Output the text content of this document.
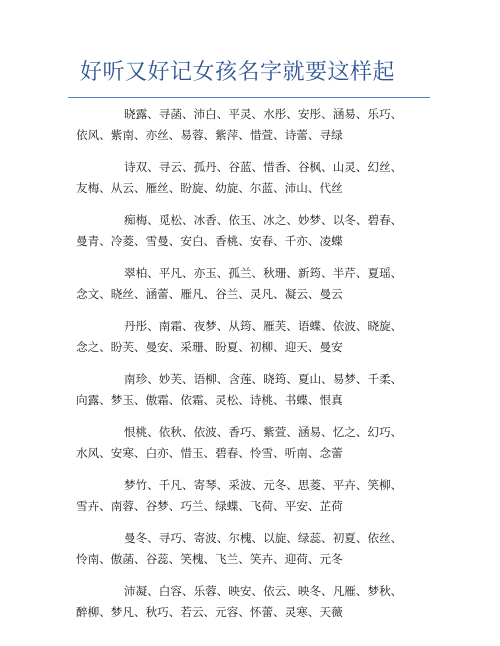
好听又好记女孩名字就要这样起

晓露、寻菡、沛白、平灵、水彤、安彤、涵易、乐巧、
依风、紫南、亦丝、易蓉、紫萍、惜萱、诗蕾、寻绿

诗双、寻云、孤丹、谷蓝、惜香、谷枫、山灵、幻丝、
友梅、从云、雁丝、盼旋、幼旋、尔蓝、沛山、代丝

痴梅、觅松、冰香、依玉、冰之、妙梦、以冬、碧春、
曼青、冷菱、雪曼、安白、香桃、安春、千亦、凌蝶

翠柏、平凡、亦玉、孤兰、秋珊、新筠、半芹、夏瑶、
念文、晓丝、涵蕾、雁凡、谷兰、灵凡、凝云、曼云

丹彤、南霜、夜梦、从筠、雁芙、语蝶、依波、晓旋、
念之、盼芙、曼安、采珊、盼夏、初柳、迎天、曼安

南珍、妙芙、语柳、含莲、晓筠、夏山、易梦、千柔、
向露、梦玉、傲霜、依霜、灵松、诗桃、书蝶、恨真

恨桃、依秋、依波、香巧、紫萱、涵易、忆之、幻巧、
水风、安寒、白亦、惜玉、碧春、怜雪、听南、念蕾

梦竹、千凡、寄琴、采波、元冬、思菱、平卉、笑柳、
雪卉、南蓉、谷梦、巧兰、绿蝶、飞荷、平安、芷荷

曼冬、寻巧、寄波、尔槐、以旋、绿蕊、初夏、依丝、
怜南、傲菡、谷蕊、笑槐、飞兰、笑卉、迎荷、元冬

沛凝、白容、乐蓉、映安、依云、映冬、凡雁、梦秋、
醉柳、梦凡、秋巧、若云、元容、怀蕾、灵寒、天薇
